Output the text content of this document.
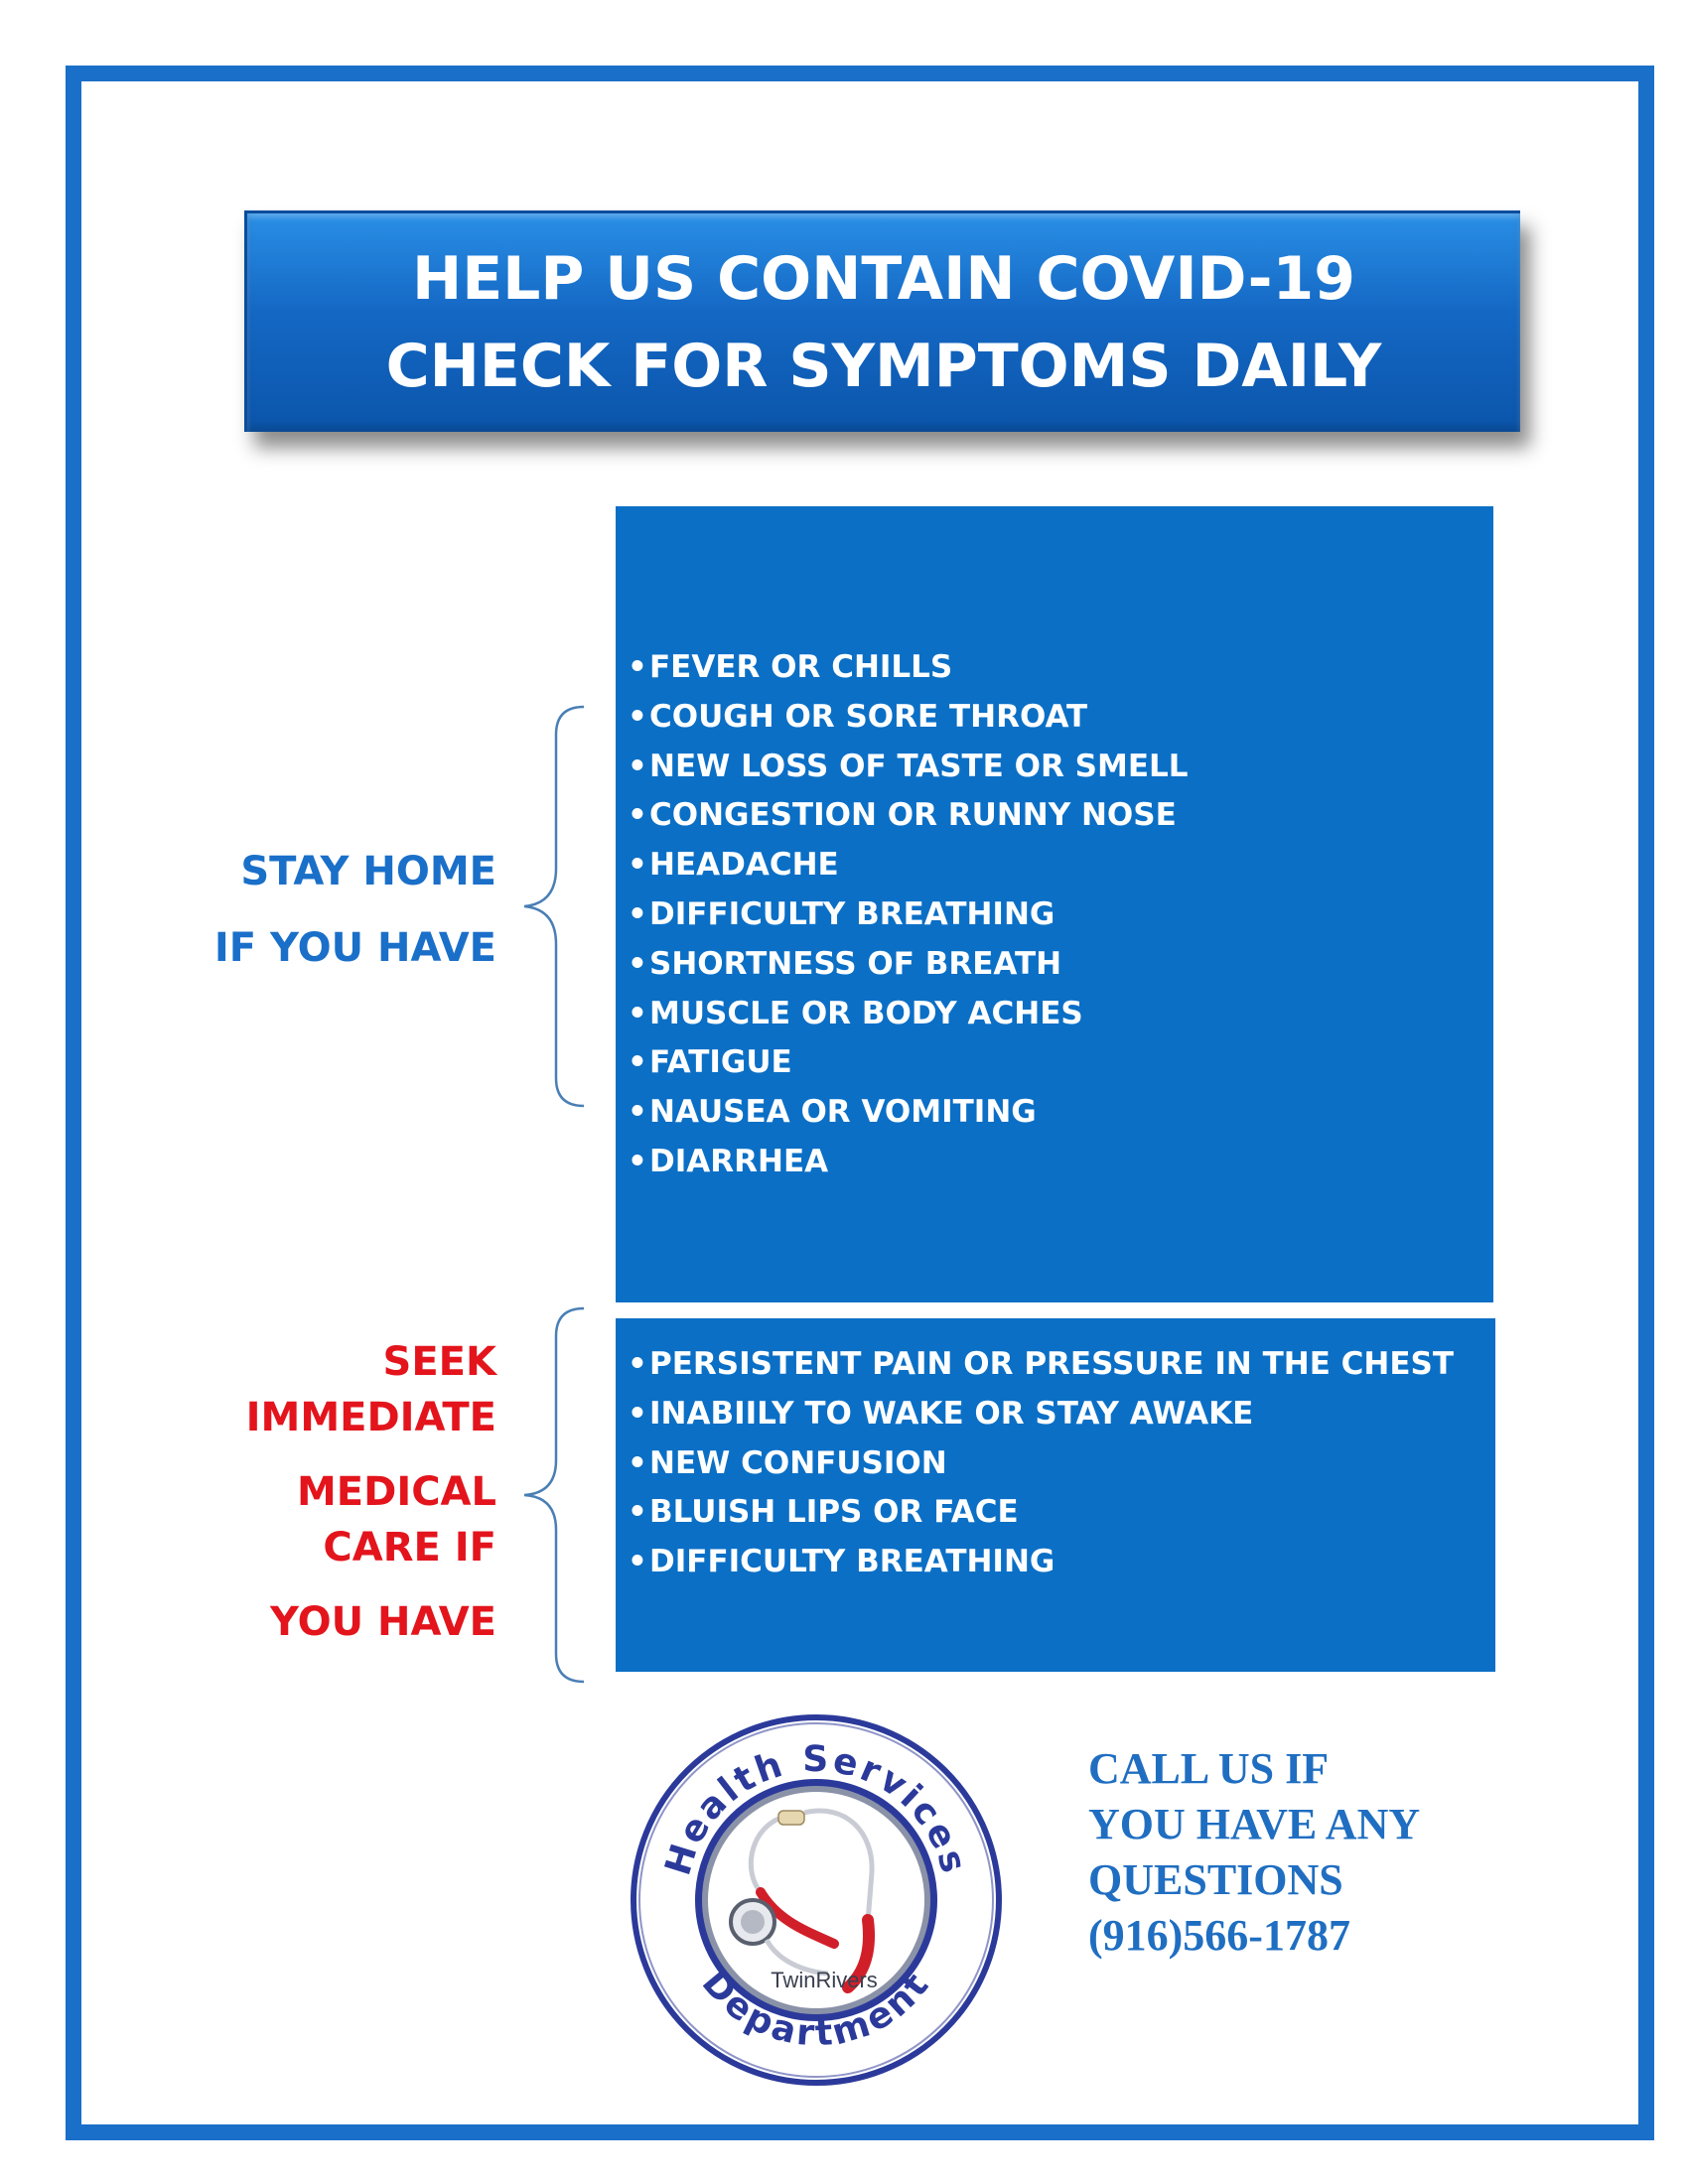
HELP US CONTAIN COVID-19
CHECK FOR SYMPTOMS DAILY
STAY HOME
IF YOU HAVE
•FEVER OR CHILLS
•COUGH OR SORE THROAT
•NEW LOSS OF TASTE OR SMELL
•CONGESTION OR RUNNY NOSE
•HEADACHE
•DIFFICULTY BREATHING
•SHORTNESS OF BREATH
•MUSCLE OR BODY ACHES
•FATIGUE
•NAUSEA OR VOMITING
•DIARRHEA
SEEK
IMMEDIATE
MEDICAL
CARE IF
YOU HAVE
•PERSISTENT PAIN OR PRESSURE IN THE CHEST
•INABIILY TO WAKE OR STAY AWAKE
•NEW CONFUSION
•BLUISH LIPS OR FACE
•DIFFICULTY BREATHING
Health Services
Department
TwinRivers
CALL US IF
YOU HAVE ANY
QUESTIONS
(916)566-1787
